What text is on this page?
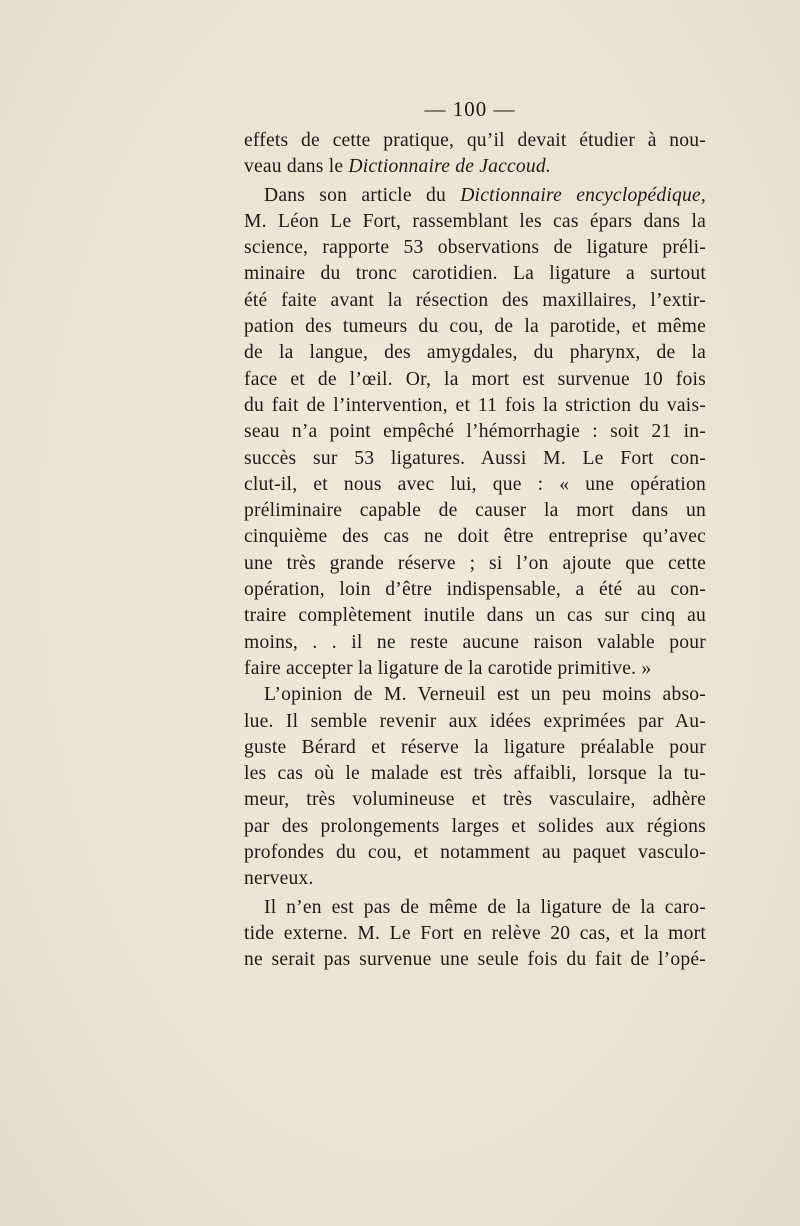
— 100 —
effets de cette pratique, qu’il devait étudier à nou-
veau dans le Dictionnaire de Jaccoud.
Dans son article du Dictionnaire encyclopédique,
M. Léon Le Fort, rassemblant les cas épars dans la
science, rapporte 53 observations de ligature préli-
minaire du tronc carotidien. La ligature a surtout
été faite avant la résection des maxillaires, l’extir-
pation des tumeurs du cou, de la parotide, et même
de la langue, des amygdales, du pharynx, de la
face et de l’œil. Or, la mort est survenue 10 fois
du fait de l’intervention, et 11 fois la striction du vais-
seau n’a point empêché l’hémorrhagie : soit 21 in-
succès sur 53 ligatures. Aussi M. Le Fort con-
clut-il, et nous avec lui, que : « une opération
préliminaire capable de causer la mort dans un
cinquième des cas ne doit être entreprise qu’avec
une très grande réserve ; si l’on ajoute que cette
opération, loin d’être indispensable, a été au con-
traire complètement inutile dans un cas sur cinq au
moins, . . il ne reste aucune raison valable pour
faire accepter la ligature de la carotide primitive. »
L’opinion de M. Verneuil est un peu moins abso-
lue. Il semble revenir aux idées exprimées par Au-
guste Bérard et réserve la ligature préalable pour
les cas où le malade est très affaibli, lorsque la tu-
meur, très volumineuse et très vasculaire, adhère
par des prolongements larges et solides aux régions
profondes du cou, et notamment au paquet vasculo-
nerveux.
Il n’en est pas de même de la ligature de la caro-
tide externe. M. Le Fort en relève 20 cas, et la mort
ne serait pas survenue une seule fois du fait de l’opé-
